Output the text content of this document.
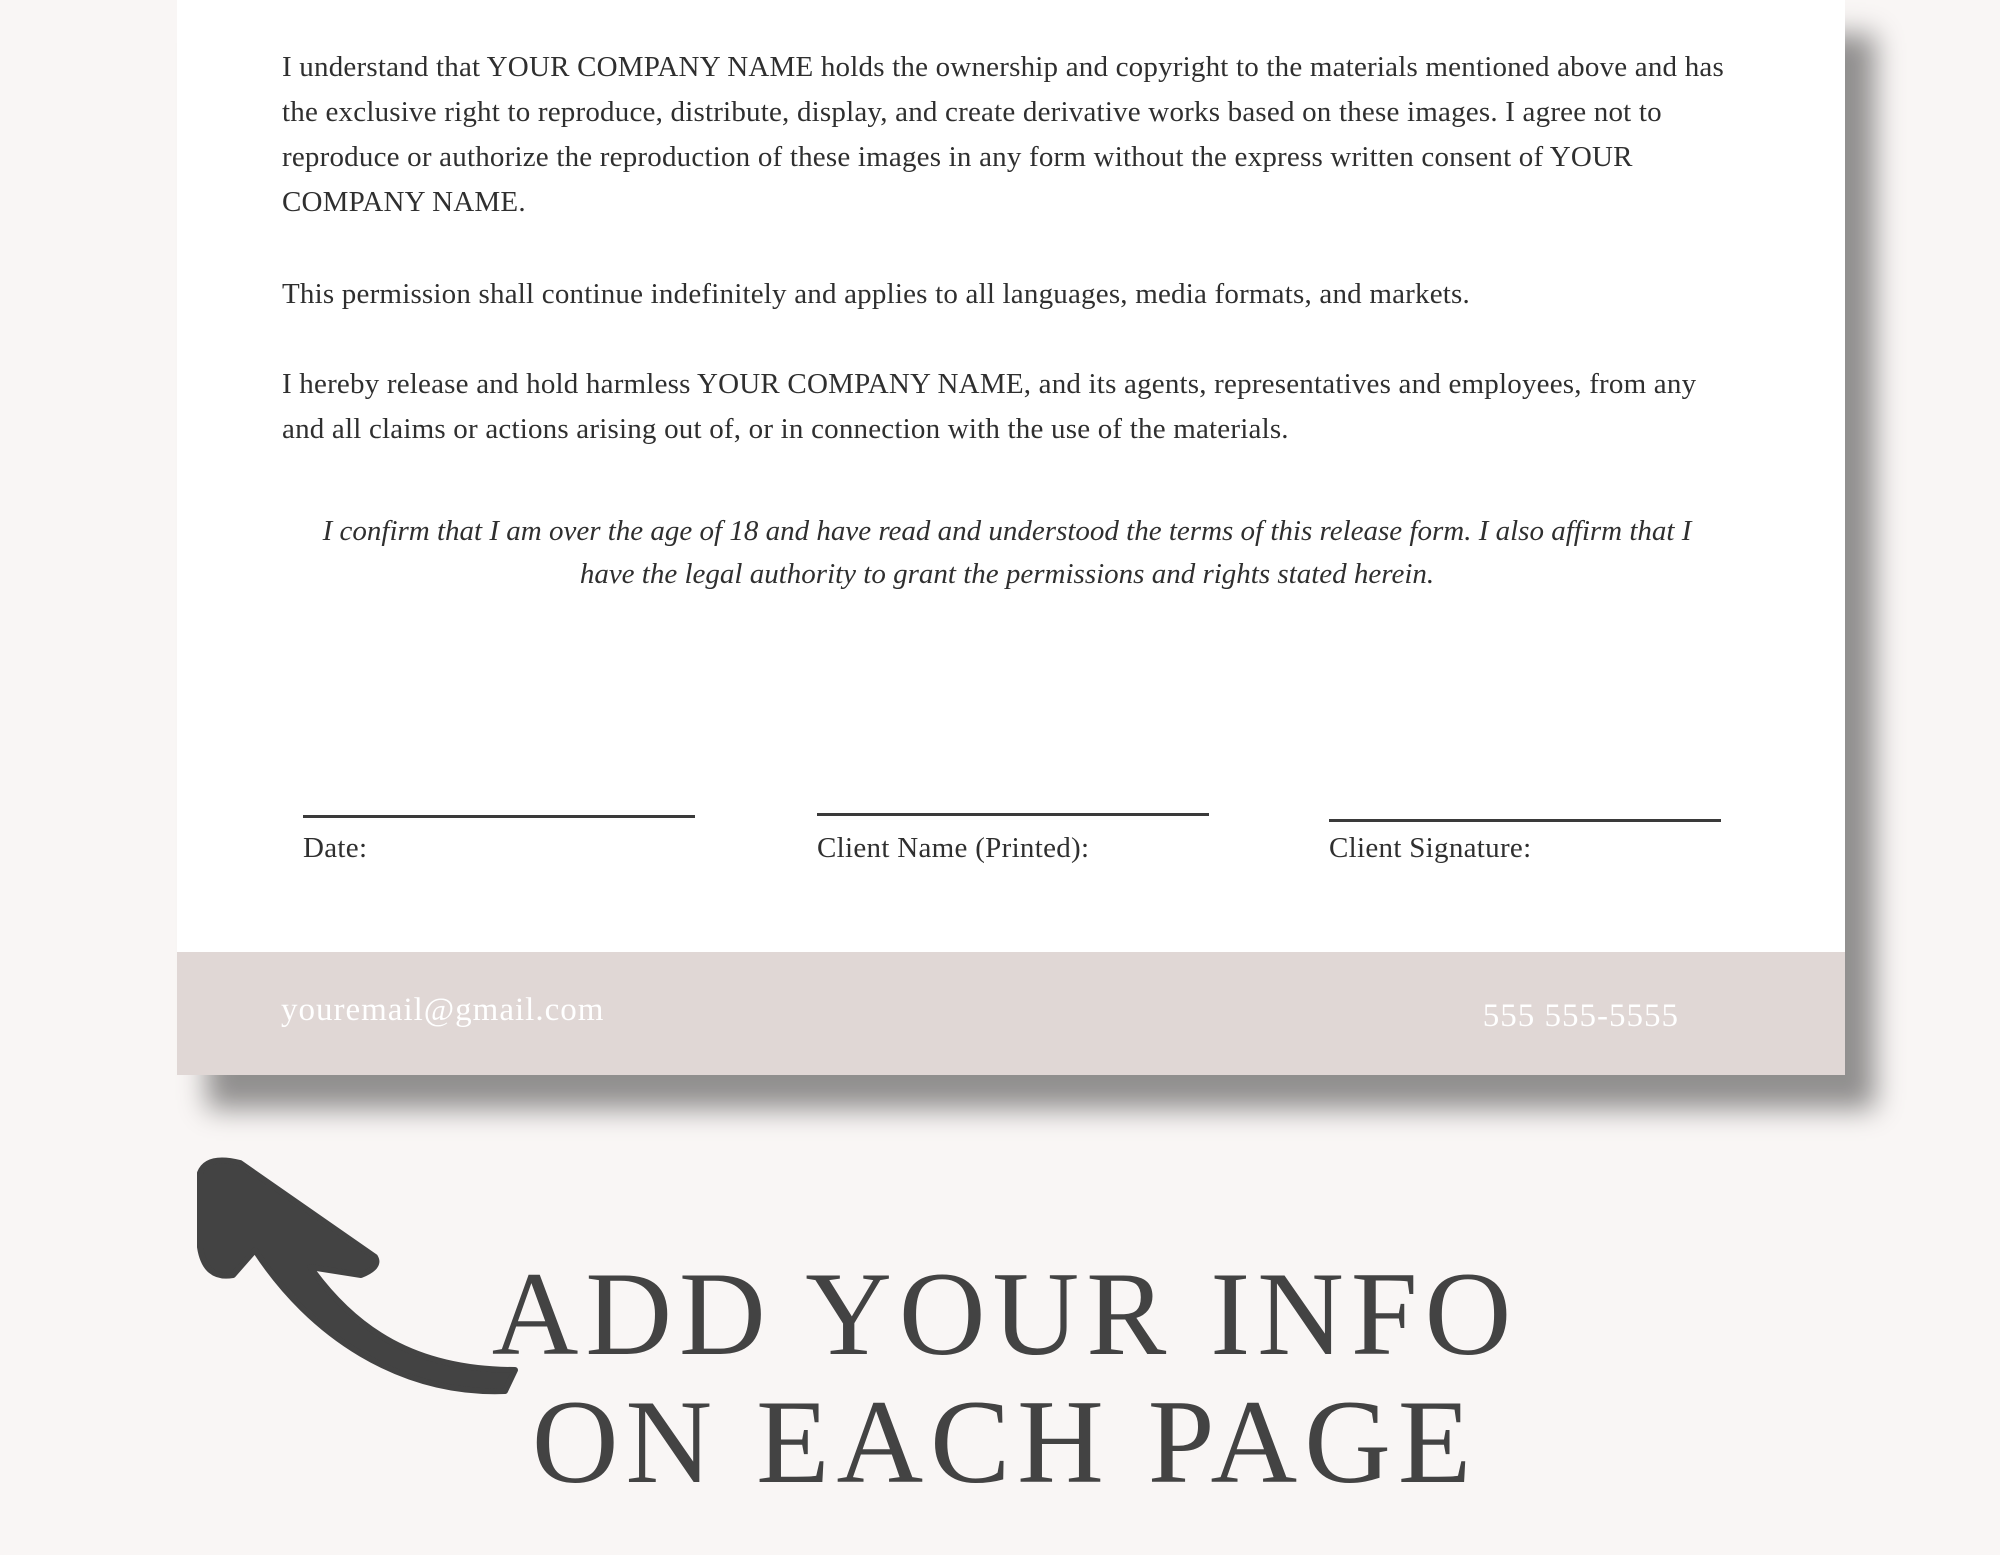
I understand that YOUR COMPANY NAME holds the ownership and copyright to the materials mentioned above and has the exclusive right to reproduce, distribute, display, and create derivative works based on these images. I agree not to reproduce or authorize the reproduction of these images in any form without the express written consent of YOUR COMPANY NAME.

This permission shall continue indefinitely and applies to all languages, media formats, and markets.

I hereby release and hold harmless YOUR COMPANY NAME, and its agents, representatives and employees, from any and all claims or actions arising out of, or in connection with the use of the materials.

I confirm that I am over the age of 18 and have read and understood the terms of this release form. I also affirm that I have the legal authority to grant the permissions and rights stated herein.

Date:	Client Name (Printed):	Client Signature:
youremail@gmail.com	555 555-5555
ADD YOUR INFO
ON EACH PAGE
